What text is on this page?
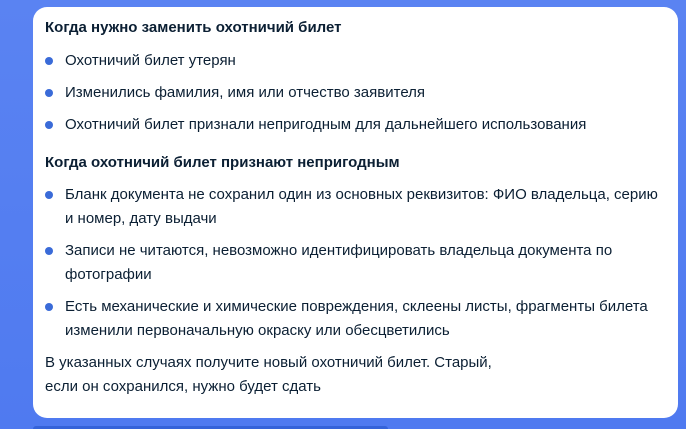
Когда нужно заменить охотничий билет
Охотничий билет утерян
Изменились фамилия, имя или отчество заявителя
Охотничий билет признали непригодным для дальнейшего использования
Когда охотничий билет признают непригодным
Бланк документа не сохранил один из основных реквизитов: ФИО владельца, серию и номер, дату выдачи
Записи не читаются, невозможно идентифицировать владельца документа по фотографии
Есть механические и химические повреждения, склеены листы, фрагменты билета изменили первоначальную окраску или обесцветились

В указанных случаях получите новый охотничий билет. Старый, если он сохранился, нужно будет сдать
